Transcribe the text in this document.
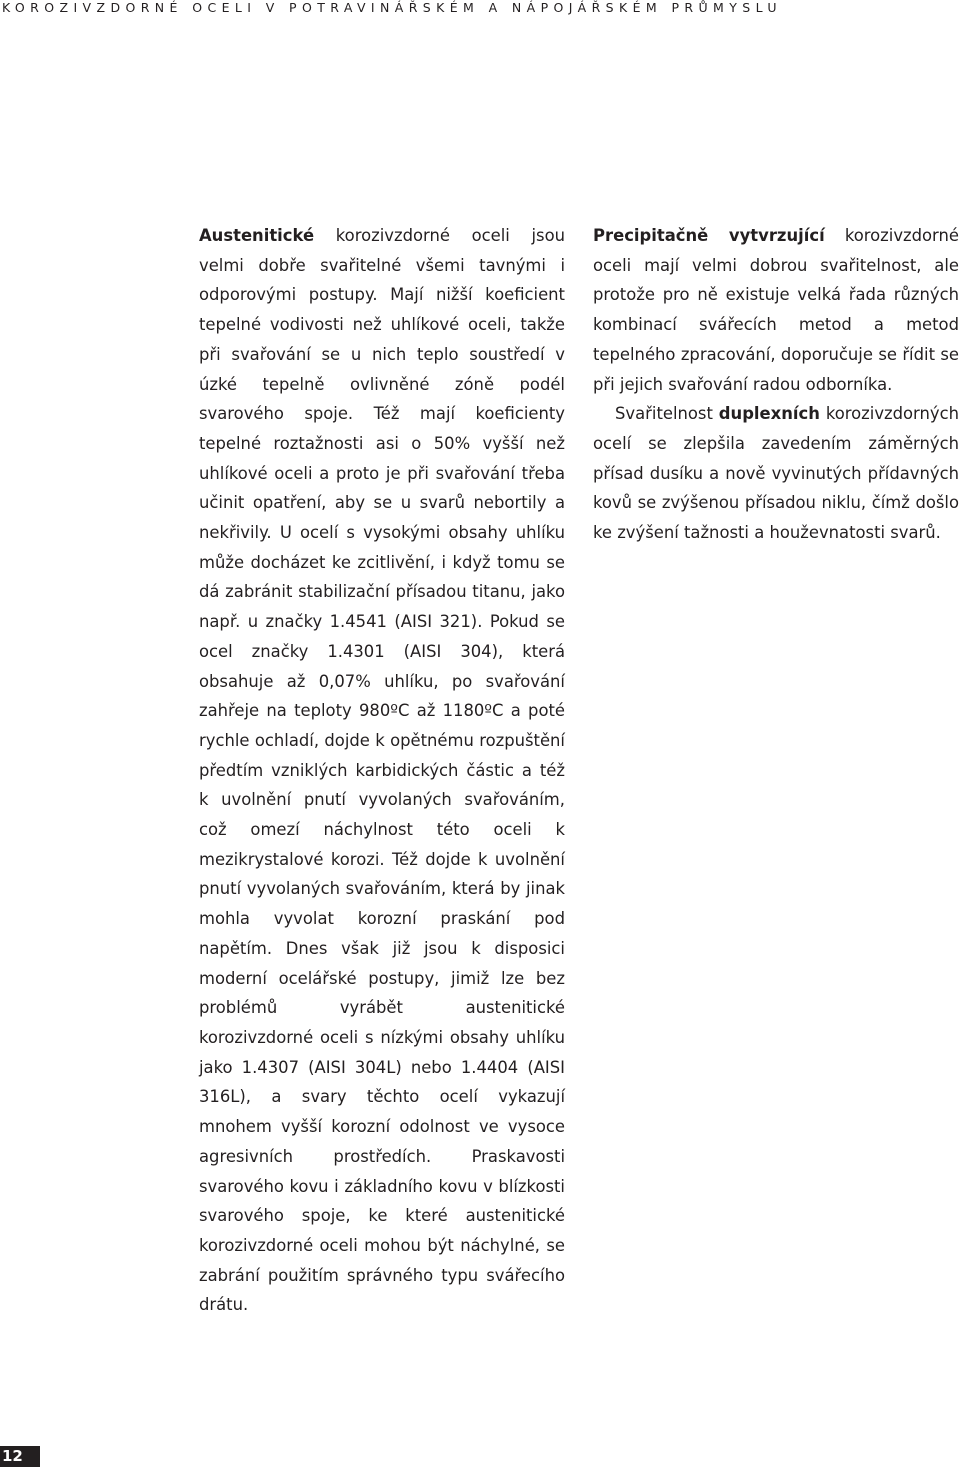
KOROZIVZDORNÉ OCELI V POTRAVINÁŘSKÉM A NÁPOJÁŘSKÉM PRŮMYSLU

Austenitické korozivzdorné oceli jsou velmi dobře svařitelné všemi tavnými i odporovými postupy. Mají nižší koeficient tepelné vodivosti než uhlíkové oceli, takže při svařování se u nich teplo soustředí v úzké tepelně ovlivněné zóně podél svarového spoje. Též mají koeficienty tepelné roztažnosti asi o 50% vyšší než uhlíkové oceli a proto je při svařování třeba učinit opatření, aby se u svarů nebortily a nekřivily. U ocelí s vysokými obsahy uhlíku může docházet ke zcitlivění, i když tomu se dá zabránit stabilizační přísadou titanu, jako např. u značky 1.4541 (AISI 321). Pokud se ocel značky 1.4301 (AISI 304), která obsahuje až 0,07% uhlíku, po svařování zahřeje na teploty 980ºC až 1180ºC a poté rychle ochladí, dojde k opětnému rozpuštění předtím vzniklých karbidických částic a též k uvolnění pnutí vyvolaných svařováním, což omezí náchylnost této oceli k mezikrystalové korozi. Též dojde k uvolnění pnutí vyvolaných svařováním, která by jinak mohla vyvolat korozní praskání pod napětím. Dnes však již jsou k disposici moderní ocelářské postupy, jimiž lze bez problémů vyrábět austenitické korozivzdorné oceli s nízkými obsahy uhlíku jako 1.4307 (AISI 304L) nebo 1.4404 (AISI 316L), a svary těchto ocelí vykazují mnohem vyšší korozní odolnost ve vysoce agresivních prostředích. Praskavosti svarového kovu i základního kovu v blízkosti svarového spoje, ke které austenitické korozivzdorné oceli mohou být náchylné, se zabrání použitím správného typu svářecího drátu.

Precipitačně vytvrzující korozivzdorné oceli mají velmi dobrou svařitelnost, ale protože pro ně existuje velká řada různých kombinací svářecích metod a metod tepelného zpracování, doporučuje se řídit se při jejich svařování radou odborníka.

Svařitelnost duplexních korozivzdorných ocelí se zlepšila zavedením záměrných přísad dusíku a nově vyvinutých přídavných kovů se zvýšenou přísadou niklu, čímž došlo ke zvýšení tažnosti a houževnatosti svarů.

12
